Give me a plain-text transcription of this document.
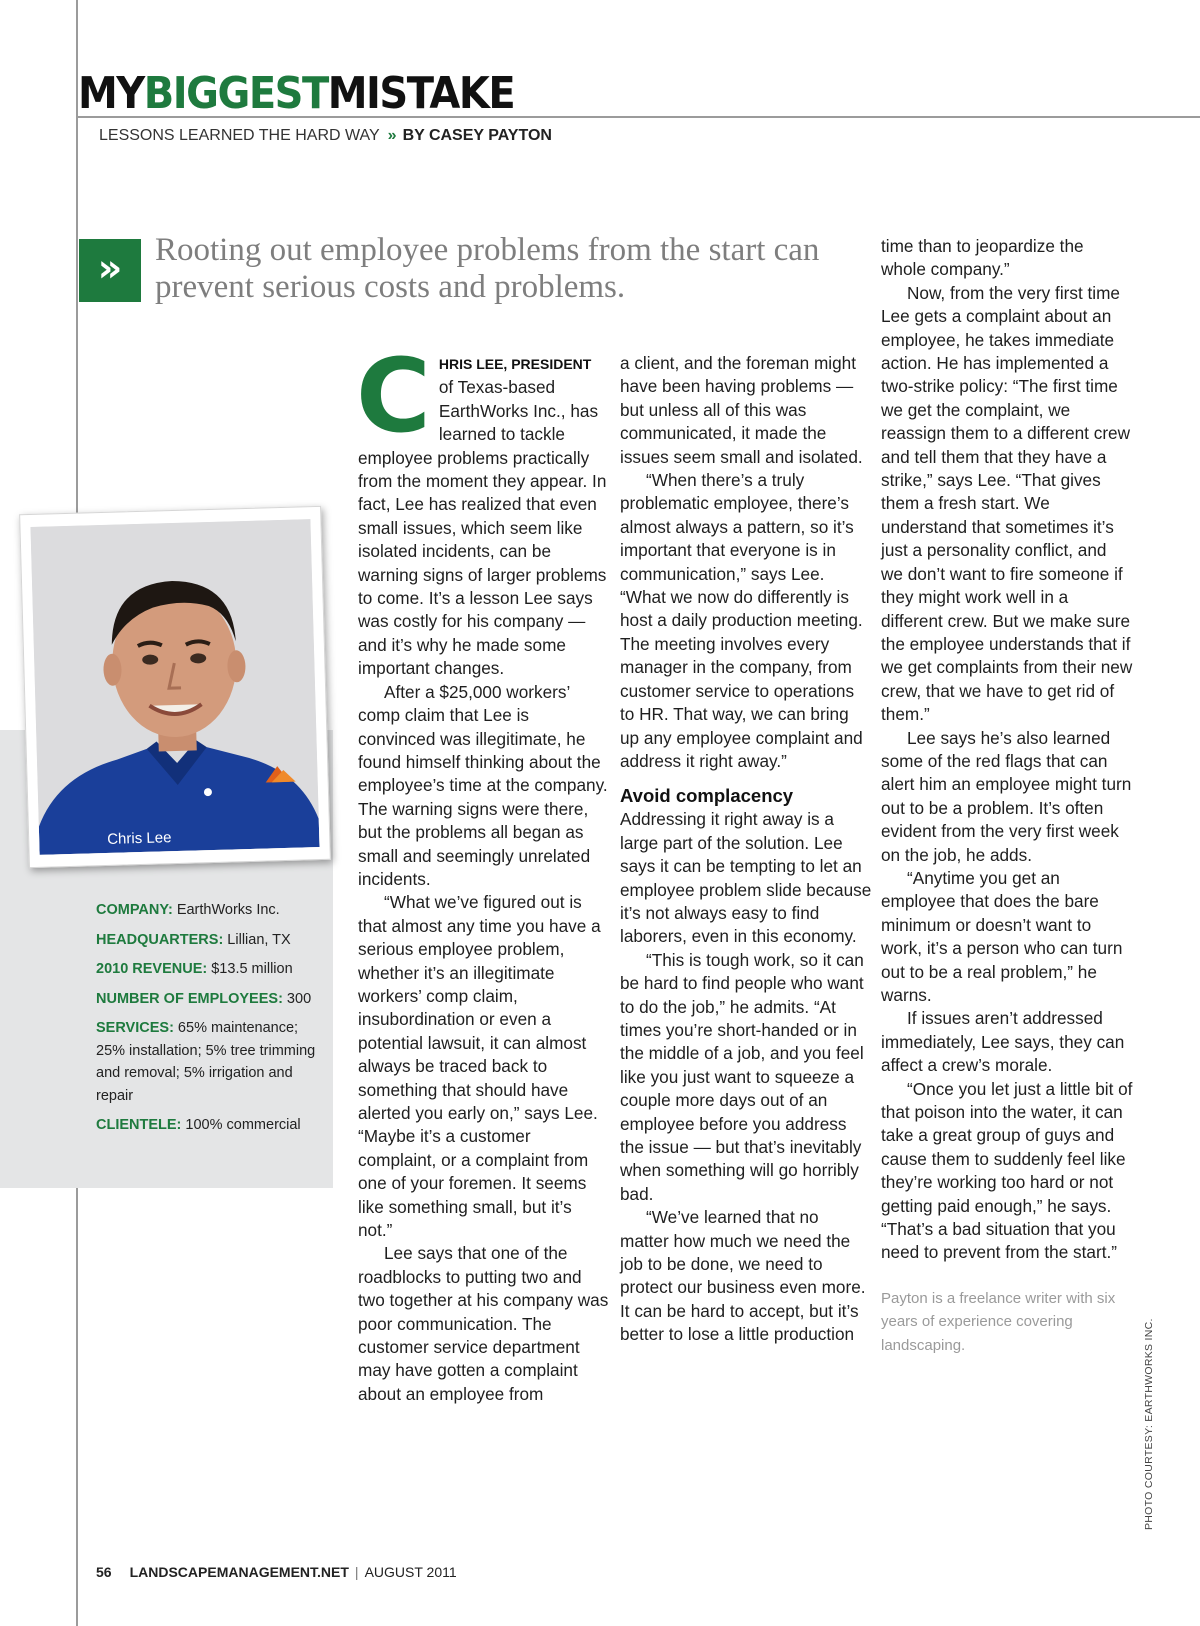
MYBIGGESTMISTAKE
LESSONS LEARNED THE HARD WAY » BY CASEY PAYTON
» Rooting out employee problems from the start can prevent serious costs and problems.

Chris Lee
COMPANY: EarthWorks Inc.
HEADQUARTERS: Lillian, TX
2010 REVENUE: $13.5 million
NUMBER OF EMPLOYEES: 300
SERVICES: 65% maintenance; 25% installation; 5% tree trimming and removal; 5% irrigation and repair
CLIENTELE: 100% commercial

CHRIS LEE, PRESIDENT of Texas-based EarthWorks Inc., has learned to tackle employee problems practically from the moment they appear. In fact, Lee has realized that even small issues, which seem like isolated incidents, can be warning signs of larger problems to come. It’s a lesson Lee says was costly for his company — and it’s why he made some important changes.

After a $25,000 workers’ comp claim that Lee is convinced was illegitimate, he found himself thinking about the employee’s time at the company. The warning signs were there, but the problems all began as small and seemingly unrelated incidents.

“What we’ve figured out is that almost any time you have a serious employee problem, whether it’s an illegitimate workers’ comp claim, insubordination or even a potential lawsuit, it can almost always be traced back to something that should have alerted you early on,” says Lee. “Maybe it’s a customer complaint, or a complaint from one of your foremen. It seems like something small, but it’s not.”

Lee says that one of the roadblocks to putting two and two together at his company was poor communication. The customer service department may have gotten a complaint about an employee from

a client, and the foreman might have been having problems — but unless all of this was communicated, it made the issues seem small and isolated.

“When there’s a truly problematic employee, there’s almost always a pattern, so it’s important that everyone is in communication,” says Lee. “What we now do differently is host a daily production meeting. The meeting involves every manager in the company, from customer service to operations to HR. That way, we can bring up any employee complaint and address it right away.”

Avoid complacency

Addressing it right away is a large part of the solution. Lee says it can be tempting to let an employee problem slide because it’s not always easy to find laborers, even in this economy.

“This is tough work, so it can be hard to find people who want to do the job,” he admits. “At times you’re short-handed or in the middle of a job, and you feel like you just want to squeeze a couple more days out of an employee before you address the issue — but that’s inevitably when something will go horribly bad.

“We’ve learned that no matter how much we need the job to be done, we need to protect our business even more. It can be hard to accept, but it’s better to lose a little production

time than to jeopardize the whole company.”

Now, from the very first time Lee gets a complaint about an employee, he takes immediate action. He has implemented a two-strike policy: “The first time we get the complaint, we reassign them to a different crew and tell them that they have a strike,” says Lee. “That gives them a fresh start. We understand that sometimes it’s just a personality conflict, and we don’t want to fire someone if they might work well in a different crew. But we make sure the employee understands that if we get complaints from their new crew, that we have to get rid of them.”

Lee says he’s also learned some of the red flags that can alert him an employee might turn out to be a problem. It’s often evident from the very first week on the job, he adds.

“Anytime you get an employee that does the bare minimum or doesn’t want to work, it’s a person who can turn out to be a real problem,” he warns.

If issues aren’t addressed immediately, Lee says, they can affect a crew’s morale.

“Once you let just a little bit of that poison into the water, it can take a great group of guys and cause them to suddenly feel like they’re working too hard or not getting paid enough,” he says. “That’s a bad situation that you need to prevent from the start.”

Payton is a freelance writer with six years of experience covering landscaping.	PHOTO COURTESY: EARTHWORKS INC.
56 LANDSCAPEMANAGEMENT.NET | AUGUST 2011
